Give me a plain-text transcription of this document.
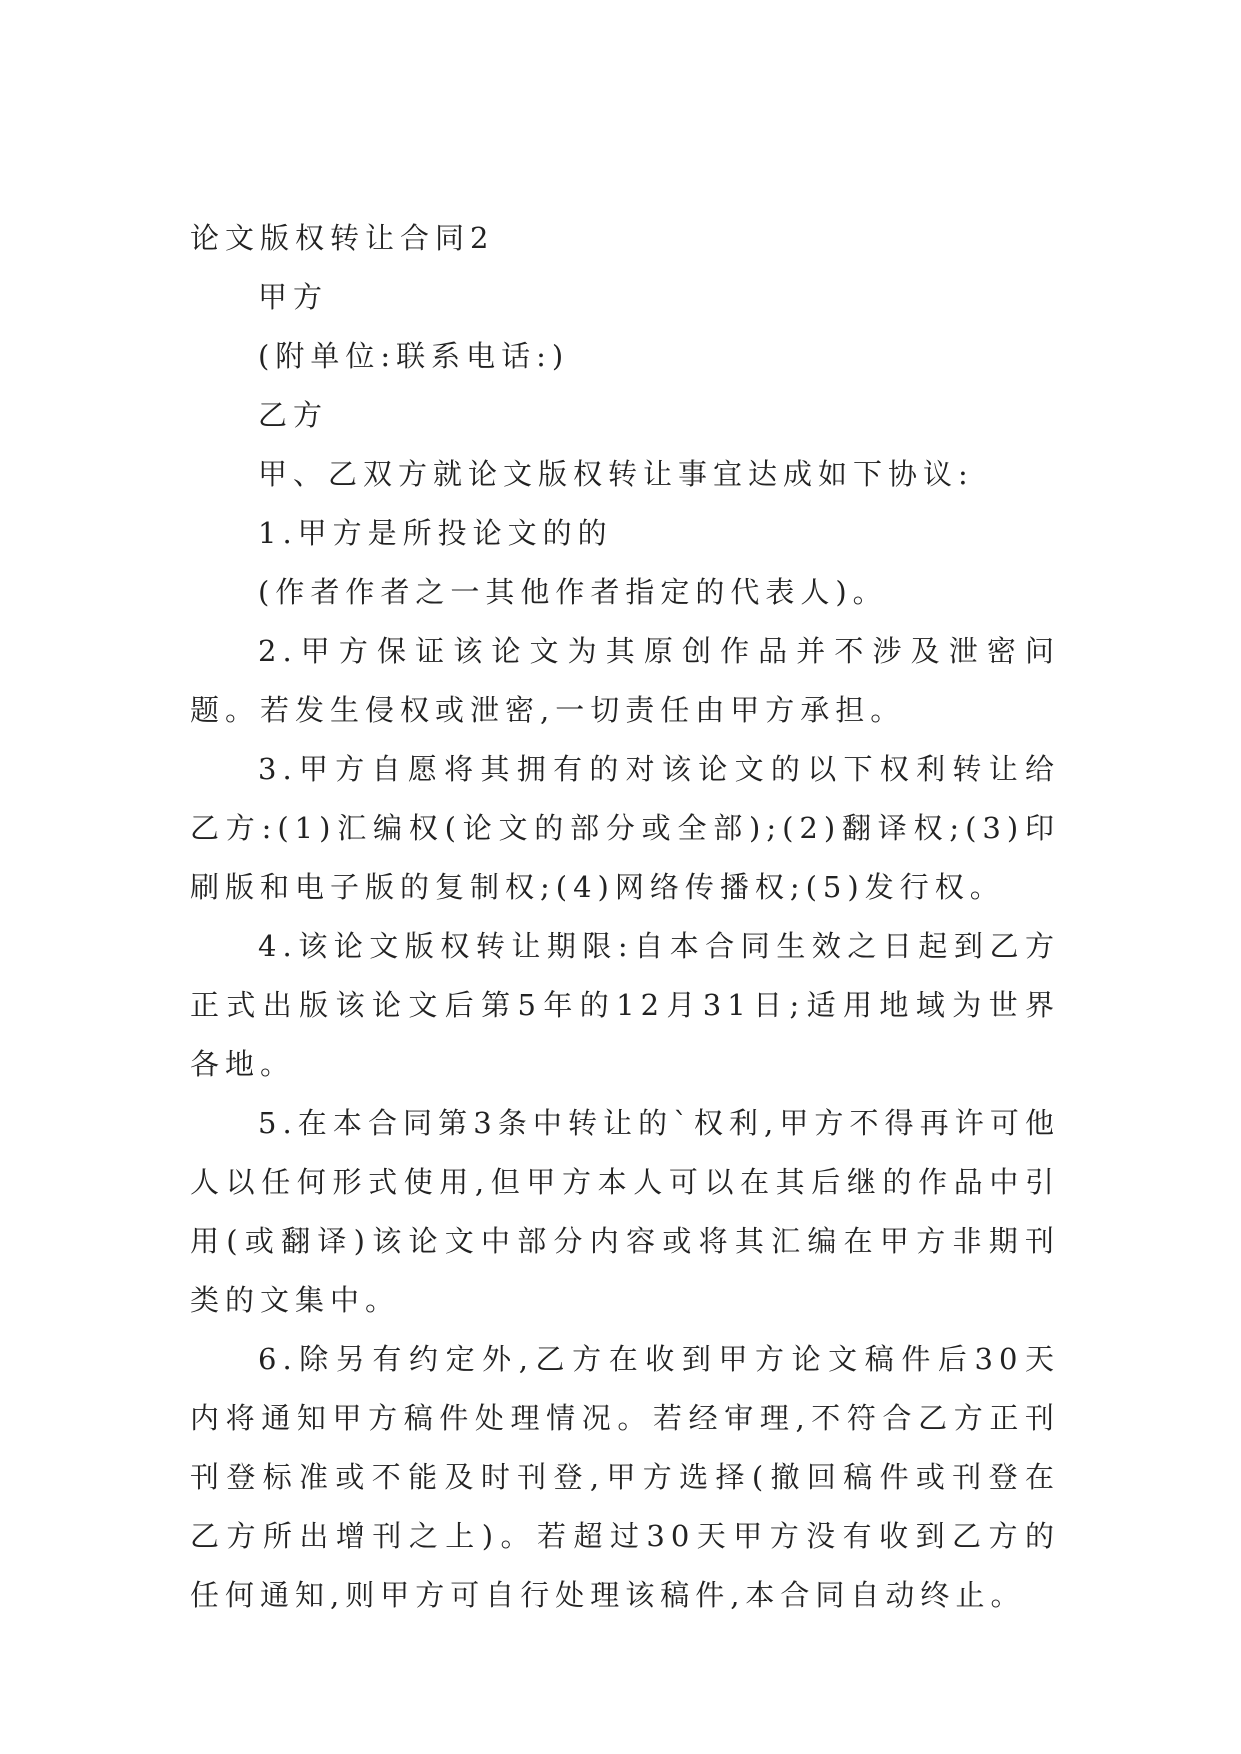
论文版权转让合同2
甲方
(附单位:联系电话:)
乙方
甲、乙双方就论文版权转让事宜达成如下协议:
1.甲方是所投论文的的
(作者作者之一其他作者指定的代表人)。
2.甲方保证该论文为其原创作品并不涉及泄密问题。若发生侵权或泄密,一切责任由甲方承担。
3.甲方自愿将其拥有的对该论文的以下权利转让给乙方:(1)汇编权(论文的部分或全部);(2)翻译权;(3)印刷版和电子版的复制权;(4)网络传播权;(5)发行权。
4.该论文版权转让期限:自本合同生效之日起到乙方正式出版该论文后第5年的12月31日;适用地域为世界各地。
5.在本合同第3条中转让的`权利,甲方不得再许可他人以任何形式使用,但甲方本人可以在其后继的作品中引用(或翻译)该论文中部分内容或将其汇编在甲方非期刊类的文集中。
6.除另有约定外,乙方在收到甲方论文稿件后30天内将通知甲方稿件处理情况。若经审理,不符合乙方正刊刊登标准或不能及时刊登,甲方选择(撤回稿件或刊登在乙方所出增刊之上)。若超过30天甲方没有收到乙方的任何通知,则甲方可自行处理该稿件,本合同自动终止。
